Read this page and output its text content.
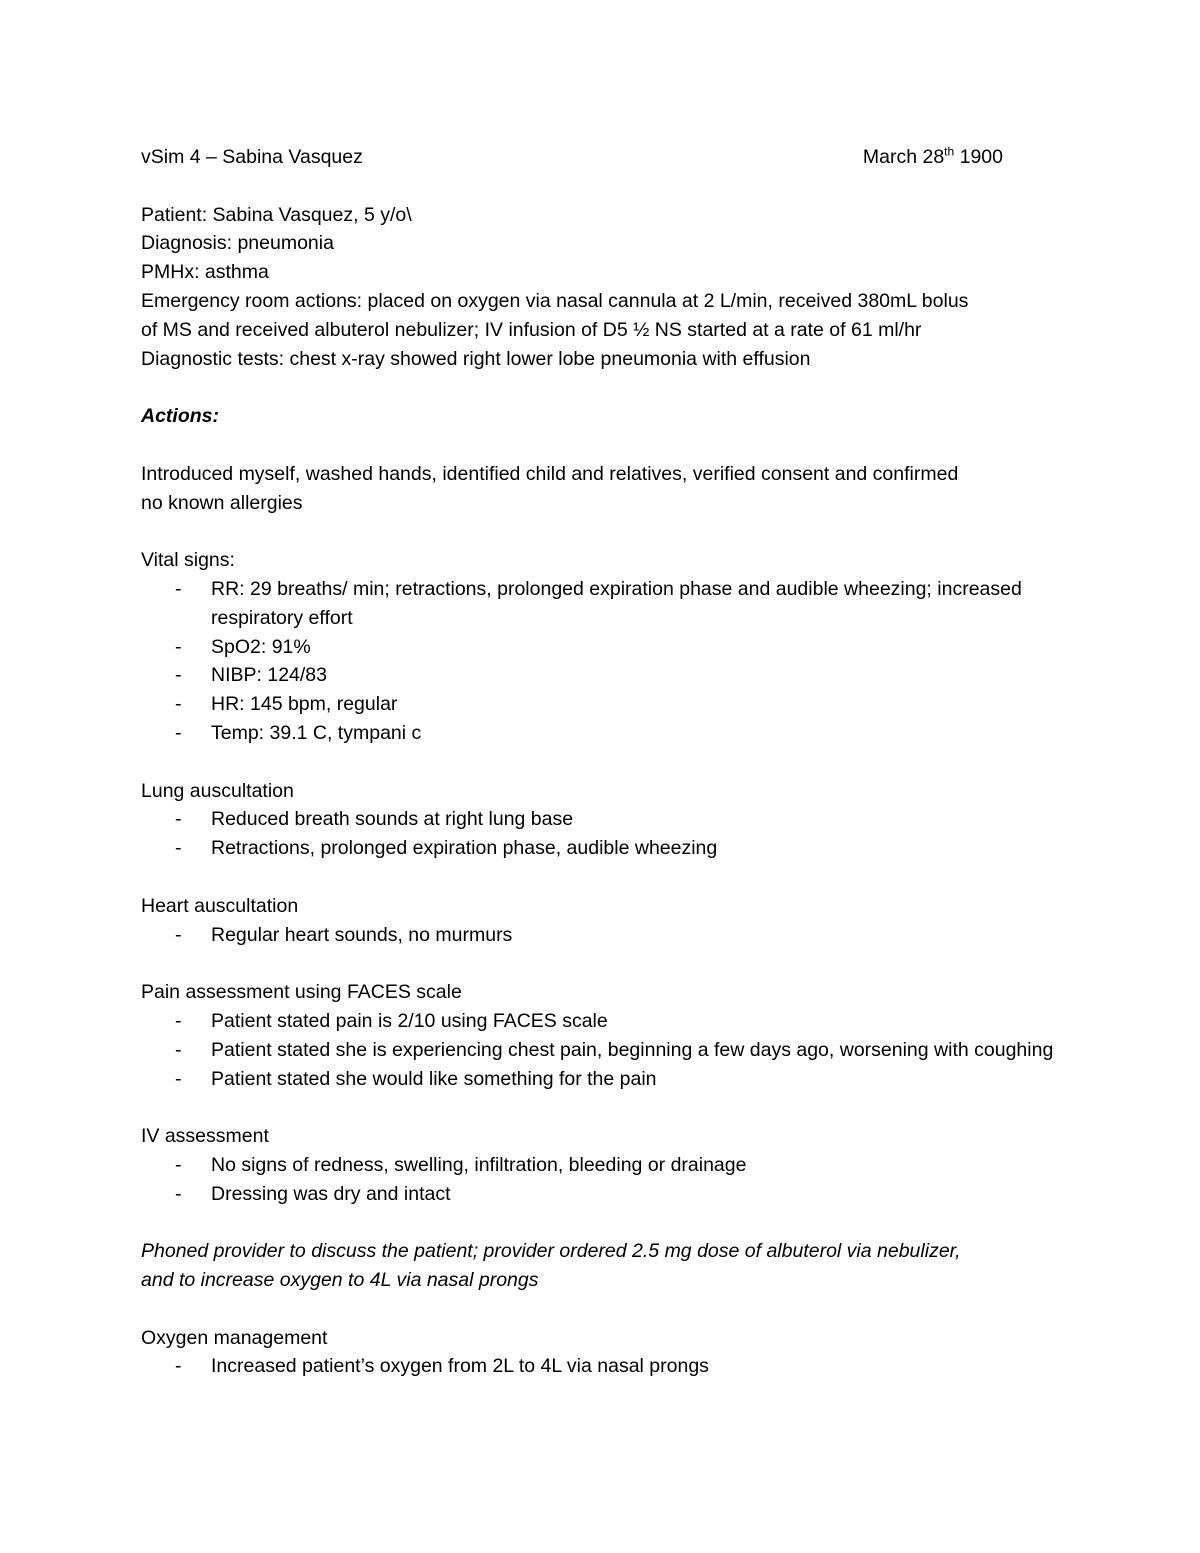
vSim 4 – Sabina Vasquez	March 28th 1900
Patient: Sabina Vasquez, 5 y/o\
Diagnosis: pneumonia
PMHx: asthma
Emergency room actions: placed on oxygen via nasal cannula at 2 L/min, received 380mL bolus
of MS and received albuterol nebulizer; IV infusion of D5 ½ NS started at a rate of 61 ml/hr
Diagnostic tests: chest x-ray showed right lower lobe pneumonia with effusion
Actions:
Introduced myself, washed hands, identified child and relatives, verified consent and confirmed
no known allergies
Vital signs:
- RR: 29 breaths/ min; retractions, prolonged expiration phase and audible wheezing; increased respiratory effort
- SpO2: 91%
- NIBP: 124/83
- HR: 145 bpm, regular
- Temp: 39.1 C, tympani c
Lung auscultation
- Reduced breath sounds at right lung base
- Retractions, prolonged expiration phase, audible wheezing
Heart auscultation
- Regular heart sounds, no murmurs
Pain assessment using FACES scale
- Patient stated pain is 2/10 using FACES scale
- Patient stated she is experiencing chest pain, beginning a few days ago, worsening with coughing
- Patient stated she would like something for the pain
IV assessment
- No signs of redness, swelling, infiltration, bleeding or drainage
- Dressing was dry and intact
Phoned provider to discuss the patient; provider ordered 2.5 mg dose of albuterol via nebulizer,
and to increase oxygen to 4L via nasal prongs
Oxygen management
- Increased patient’s oxygen from 2L to 4L via nasal prongs
